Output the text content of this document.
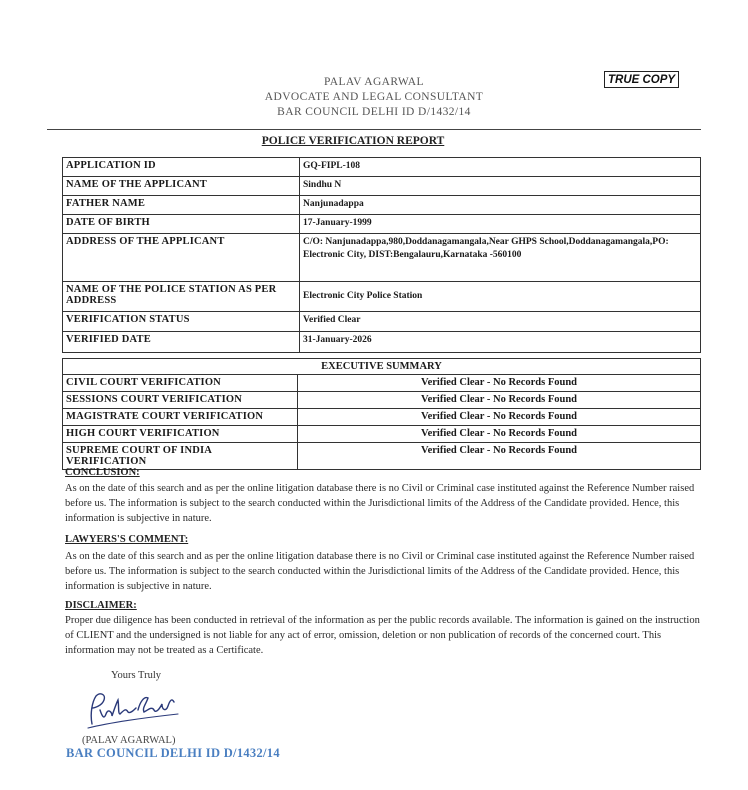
PALAV AGARWAL
ADVOCATE AND LEGAL CONSULTANT
BAR COUNCIL DELHI ID D/1432/14
TRUE COPY
POLICE VERIFICATION REPORT
APPLICATION ID	GQ-FIPL-108
NAME OF THE APPLICANT	Sindhu N
FATHER NAME	Nanjunadappa
DATE OF BIRTH	17-January-1999
ADDRESS OF THE APPLICANT	C/O: Nanjunadappa,980,Doddanagamangala,Near GHPS School,Doddanagamangala,PO: Electronic City, DIST:Bengalauru,Karnataka -560100
NAME OF THE POLICE STATION AS PER ADDRESS	Electronic City Police Station
VERIFICATION STATUS	Verified Clear
VERIFIED DATE	31-January-2026
EXECUTIVE SUMMARY	
CIVIL COURT VERIFICATION	Verified Clear - No Records Found
SESSIONS COURT VERIFICATION	Verified Clear - No Records Found
MAGISTRATE COURT VERIFICATION	Verified Clear - No Records Found
HIGH COURT VERIFICATION	Verified Clear - No Records Found
SUPREME COURT OF INDIA VERIFICATION	Verified Clear - No Records Found
CONCLUSION:
As on the date of this search and as per the online litigation database there is no Civil or Criminal case instituted against the Reference Number raised before us. The information is subject to the search conducted within the Jurisdictional limits of the Address of the Candidate provided. Hence, this information is subjective in nature.
LAWYERS'S COMMENT:
As on the date of this search and as per the online litigation database there is no Civil or Criminal case instituted against the Reference Number raised before us. The information is subject to the search conducted within the Jurisdictional limits of the Address of the Candidate provided. Hence, this information is subjective in nature.
DISCLAIMER:
Proper due diligence has been conducted in retrieval of the information as per the public records available. The information is gained on the instruction of CLIENT and the undersigned is not liable for any act of error, omission, deletion or non publication of records of the concerned court. This information may not be treated as a Certificate.
Yours Truly
(PALAV AGARWAL)
BAR COUNCIL DELHI ID D/1432/14
